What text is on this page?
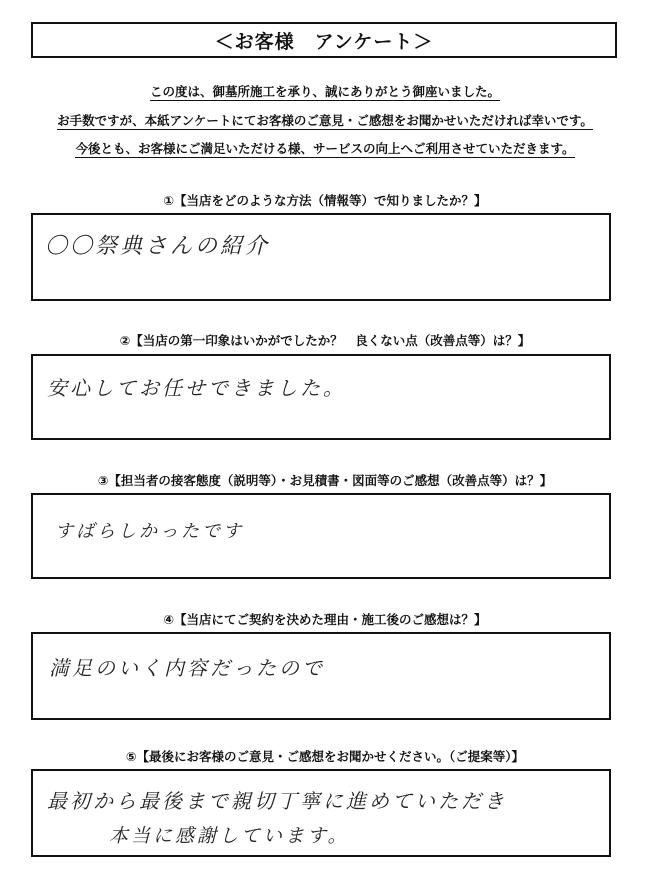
＜お客様　アンケート＞
この度は、御墓所施工を承り、誠にありがとう御座いました。
お手数ですが、本紙アンケートにてお客様のご意見・ご感想をお聞かせいただければ幸いです。
今後とも、お客様にご満足いただける様、サービスの向上へご利用させていただきます。
①【当店をどのような方法（情報等）で知りましたか？】
〇〇祭典さんの紹介
②【当店の第一印象はいかがでしたか？　良くない点（改善点等）は？】
安心してお任せできました。
③【担当者の接客態度（説明等）・お見積書・図面等のご感想（改善点等）は？】
すばらしかったです
④【当店にてご契約を決めた理由・施工後のご感想は？】
満足のいく内容だったので
⑤【最後にお客様のご意見・ご感想をお聞かせください。（ご提案等）】
最初から最後まで親切丁寧に進めていただき
本当に感謝しています。
